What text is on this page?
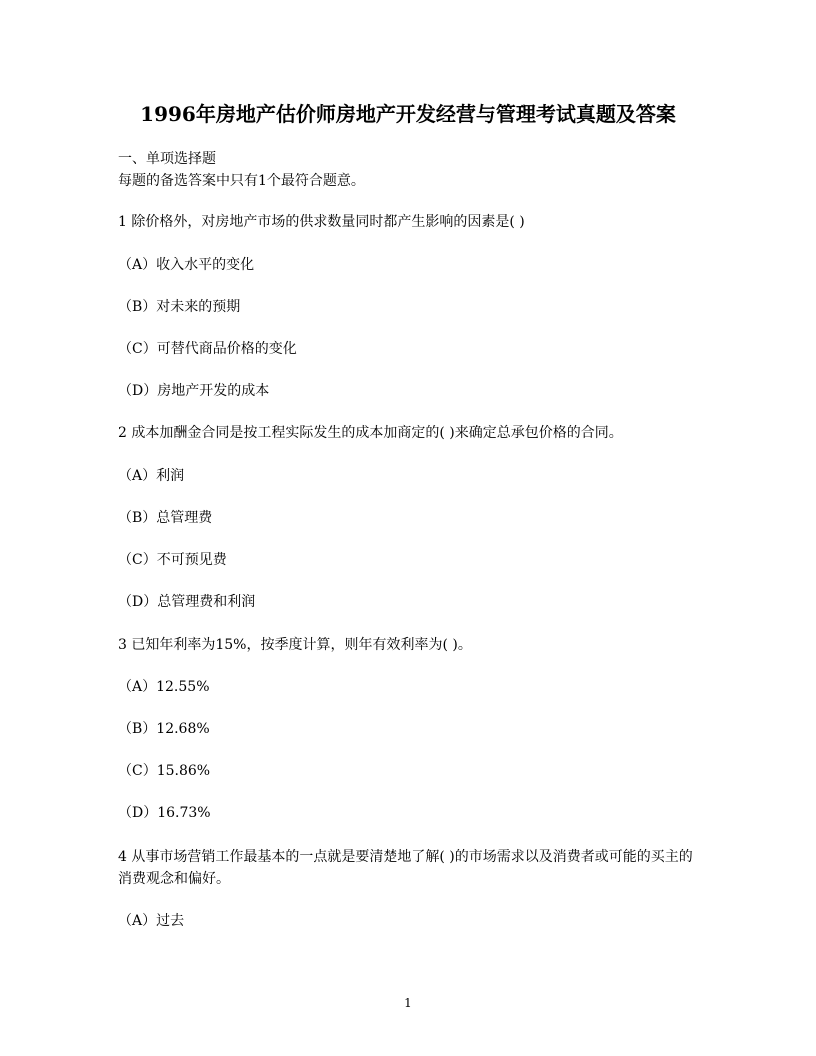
1996年房地产估价师房地产开发经营与管理考试真题及答案
一、单项选择题
每题的备选答案中只有1个最符合题意。
1 除价格外，对房地产市场的供求数量同时都产生影响的因素是( )
（A）收入水平的变化
（B）对未来的预期
（C）可替代商品价格的变化
（D）房地产开发的成本
2 成本加酬金合同是按工程实际发生的成本加商定的( )来确定总承包价格的合同。
（A）利润
（B）总管理费
（C）不可预见费
（D）总管理费和利润
3 已知年利率为15%，按季度计算，则年有效利率为( )。
（A）12.55%
（B）12.68%
（C）15.86%
（D）16.73%
4 从事市场营销工作最基本的一点就是要清楚地了解( )的市场需求以及消费者或可能的买主的消费观念和偏好。
（A）过去
1
